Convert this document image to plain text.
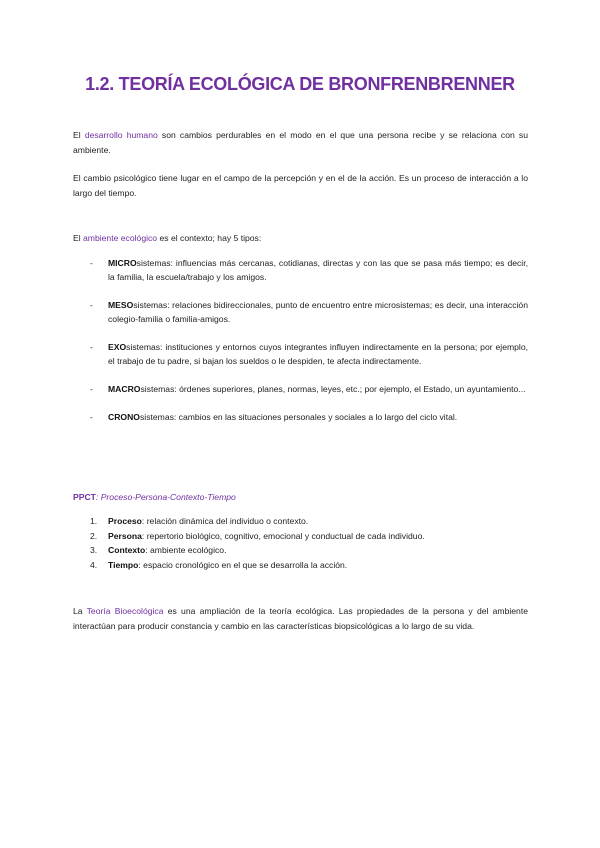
1.2. TEORÍA ECOLÓGICA DE BRONFRENBRENNER

El desarrollo humano son cambios perdurables en el modo en el que una persona recibe y se relaciona con su ambiente.

El cambio psicológico tiene lugar en el campo de la percepción y en el de la acción. Es un proceso de interacción a lo largo del tiempo.

El ambiente ecológico es el contexto; hay 5 tipos:

- MICROsistemas: influencias más cercanas, cotidianas, directas y con las que se pasa más tiempo; es decir, la familia, la escuela/trabajo y los amigos.
- MESOsistemas: relaciones bidireccionales, punto de encuentro entre microsistemas; es decir, una interacción colegio-familia o familia-amigos.
- EXOsistemas: instituciones y entornos cuyos integrantes influyen indirectamente en la persona; por ejemplo, el trabajo de tu padre, si bajan los sueldos o le despiden, te afecta indirectamente.
- MACROsistemas: órdenes superiores, planes, normas, leyes, etc.; por ejemplo, el Estado, un ayuntamiento...
- CRONOsistemas: cambios en las situaciones personales y sociales a lo largo del ciclo vital.

PPCT: Proceso-Persona-Contexto-Tiempo

1. Proceso: relación dinámica del individuo o contexto.
2. Persona: repertorio biológico, cognitivo, emocional y conductual de cada individuo.
3. Contexto: ambiente ecológico.
4. Tiempo: espacio cronológico en el que se desarrolla la acción.

La Teoría Bioecológica es una ampliación de la teoría ecológica. Las propiedades de la persona y del ambiente interactúan para producir constancia y cambio en las características biopsicológicas a lo largo de su vida.
